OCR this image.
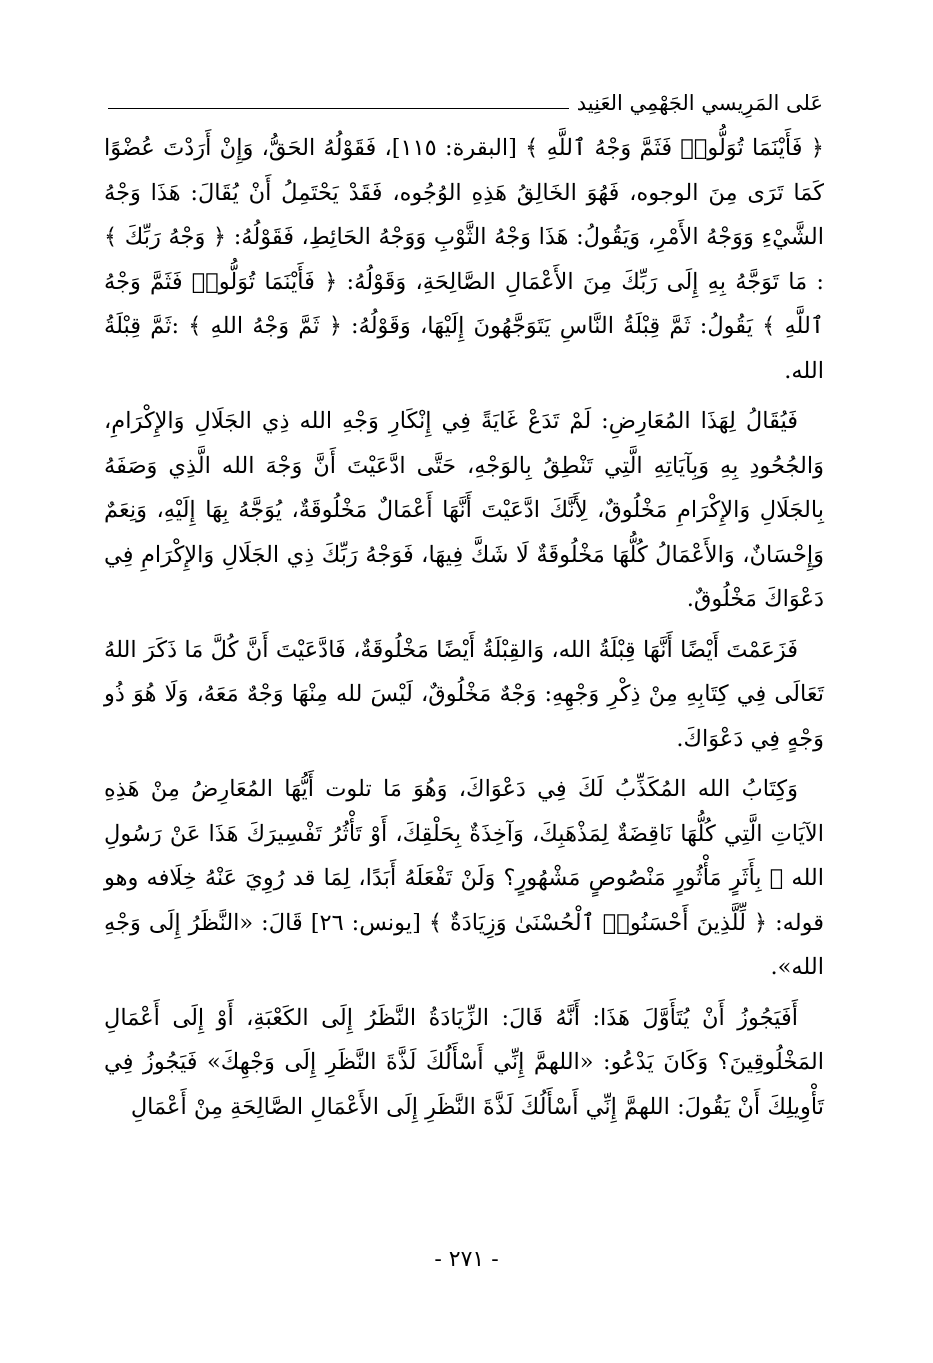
عَلى المَرِيسي الجَهْمِي العَنِيد

﴿ فَأَيْنَمَا تُوَلُّوا۟ فَثَمَّ وَجْهُ ٱللَّهِ ﴾ [البقرة: ١١٥]، فَقَوْلُهُ الحَقُّ، وَإِنْ أَرَدْتَ عُضْوًا كَمَا تَرَى مِنَ الوجوه، فَهُوَ الخَالِقُ هَذِهِ الوُجُوه، فَقَدْ يَحْتَمِلُ أَنْ يُقَالَ: هَذَا وَجْهُ الشَّيْءِ وَوَجْهُ الأَمْرِ، وَيَقُولُ: هَذَا وَجْهُ الثَّوْبِ وَوَجْهُ الحَائِطِ، فَقَوْلُهُ: ﴿ وَجْهُ رَبِّكَ ﴾ : مَا تَوَجَّهُ بِهِ إِلَى رَبِّكَ مِنَ الأَعْمَالِ الصَّالِحَةِ، وَقَوْلُهُ: ﴿ فَأَيْنَمَا تُوَلُّوا۟ فَثَمَّ وَجْهُ ٱللَّهِ ﴾ يَقُولُ: ثَمَّ قِبْلَةُ النَّاسِ يَتَوَجَّهُونَ إِلَيْهَا، وَقَوْلُهُ: ﴿ ثَمَّ وَجْهُ اللهِ ﴾ :ثَمَّ قِبْلَةُ الله.

فَيُقَالُ لِهَذَا المُعَارِضِ: لَمْ تَدَعْ غَايَةً فِي إِنْكَارِ وَجْهِ الله ذِي الجَلَالِ وَالإِكْرَامِ، وَالجُحُودِ بِهِ وَبِآيَاتِهِ الَّتِي تَنْطِقُ بِالوَجْهِ، حَتَّى ادَّعَيْتَ أَنَّ وَجْهَ الله الَّذِي وَصَفَهُ بِالجَلَالِ وَالإِكْرَامِ مَخْلُوقٌ، لِأَنَّكَ ادَّعَيْتَ أَنَّهَا أَعْمَالٌ مَخْلُوقَةٌ، يُوَجَّهُ بِهَا إِلَيْهِ، وَنِعَمٌ وَإِحْسَانٌ، وَالأَعْمَالُ كُلُّهَا مَخْلُوقَةٌ لَا شَكَّ فِيهَا، فَوَجْهُ رَبِّكَ ذِي الجَلَالِ وَالإِكْرَامِ فِي دَعْوَاكَ مَخْلُوقٌ.

فَزَعَمْتَ أَيْضًا أَنَّهَا قِبْلَةُ الله، وَالقِبْلَةُ أَيْضًا مَخْلُوقَةٌ، فَادَّعَيْتَ أَنَّ كُلَّ مَا ذَكَرَ اللهُ تَعَالَى فِي كِتَابِهِ مِنْ ذِكْرِ وَجْهِهِ: وَجْهٌ مَخْلُوقٌ، لَيْسَ لله مِنْهَا وَجْهٌ مَعَهُ، وَلَا هُوَ ذُو وَجْهٍ فِي دَعْوَاكَ.

وَكِتَابُ الله المُكَذِّبُ لَكَ فِي دَعْوَاكَ، وَهُوَ مَا تلوت أَيُّهَا المُعَارِضُ مِنْ هَذِهِ الآيَاتِ الَّتِي كُلُّهَا نَاقِضَةٌ لِمَذْهَبِكَ، وَآخِذَةٌ بِحَلْقِكَ، أَوْ تَأْثُرُ تَفْسِيرَكَ هَذَا عَنْ رَسُولِ الله ﷺ بِأَثَرٍ مَأْثُورٍ مَنْصُوصٍ مَشْهُورٍ؟ وَلَنْ تَفْعَلَهُ أَبَدًا، لِمَا قد رُوِيَ عَنْهُ خِلَافه وهو قوله: ﴿ لِّلَّذِينَ أَحْسَنُوا۟ ٱلْحُسْنَىٰ وَزِيَادَةٌ ﴾ [يونس: ٢٦] قَالَ: «النَّظَرُ إِلَى وَجْهِ الله».

أَفَيَجُوزُ أَنْ يُتَأَوَّلَ هَذَا: أَنَّهُ قَالَ: الزِّيَادَةُ النَّظَرُ إِلَى الكَعْبَةِ، أَوْ إِلَى أَعْمَالِ المَخْلُوقِينَ؟ وَكَانَ يَدْعُو: «اللهمَّ إِنِّي أَسْأَلُكَ لَذَّةَ النَّظَرِ إِلَى وَجْهِكَ» فَيَجُوزُ فِي تَأْوِيلِكَ أَنْ يَقُولَ: اللهمَّ إِنِّي أَسْأَلُكَ لَذَّةَ النَّظَرِ إِلَى الأَعْمَالِ الصَّالِحَةِ مِنْ أَعْمَالِ

- ٢٧١ -
